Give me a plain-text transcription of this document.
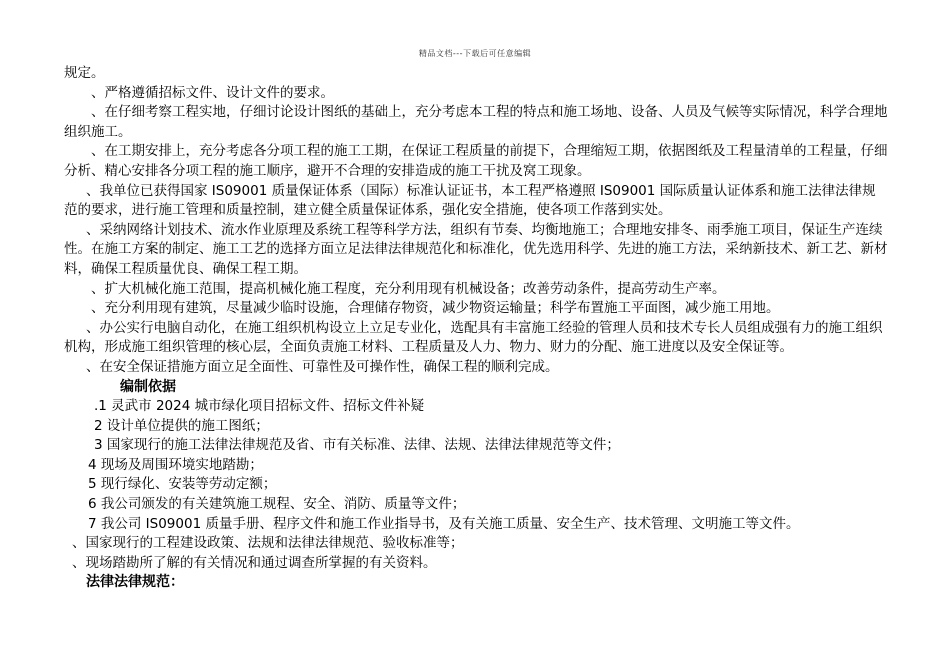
精品文档---下载后可任意编辑

规定。

、严格遵循招标文件、设计文件的要求。

、在仔细考察工程实地，仔细讨论设计图纸的基础上，充分考虑本工程的特点和施工场地、设备、人员及气候等实际情况，科学合理地组织施工。

、在工期安排上，充分考虑各分项工程的施工工期，在保证工程质量的前提下，合理缩短工期，依据图纸及工程量清单的工程量，仔细分析、精心安排各分项工程的施工顺序，避开不合理的安排造成的施工干扰及窝工现象。

、我单位已获得国家 IS09001 质量保证体系（国际）标准认证证书，本工程严格遵照 IS09001 国际质量认证体系和施工法律法律规范的要求，进行施工管理和质量控制，建立健全质量保证体系，强化安全措施，使各项工作落到实处。

、采纳网络计划技术、流水作业原理及系统工程等科学方法，组织有节奏、均衡地施工；合理地安排冬、雨季施工项目，保证生产连续性。在施工方案的制定、施工工艺的选择方面立足法律法律规范化和标准化，优先选用科学、先进的施工方法，采纳新技术、新工艺、新材料，确保工程质量优良、确保工程工期。

、扩大机械化施工范围，提高机械化施工程度，充分利用现有机械设备；改善劳动条件，提高劳动生产率。

、充分利用现有建筑，尽量减少临时设施，合理储存物资，减少物资运输量；科学布置施工平面图，减少施工用地。

、办公实行电脑自动化，在施工组织机构设立上立足专业化，选配具有丰富施工经验的管理人员和技术专长人员组成强有力的施工组织机构，形成施工组织管理的核心层，全面负责施工材料、工程质量及人力、物力、财力的分配、施工进度以及安全保证等。

、在安全保证措施方面立足全面性、可靠性及可操作性，确保工程的顺利完成。

编制依据

.1 灵武市 2024 城市绿化项目招标文件、招标文件补疑

2 设计单位提供的施工图纸；

3 国家现行的施工法律法律规范及省、市有关标准、法律、法规、法律法律规范等文件；

4 现场及周围环境实地踏勘；

5 现行绿化、安装等劳动定额；

6 我公司颁发的有关建筑施工规程、安全、消防、质量等文件；

7 我公司 IS09001 质量手册、程序文件和施工作业指导书，及有关施工质量、安全生产、技术管理、文明施工等文件。

、国家现行的工程建设政策、法规和法律法律规范、验收标准等；

、现场踏勘所了解的有关情况和通过调查所掌握的有关资料。

法律法律规范：
